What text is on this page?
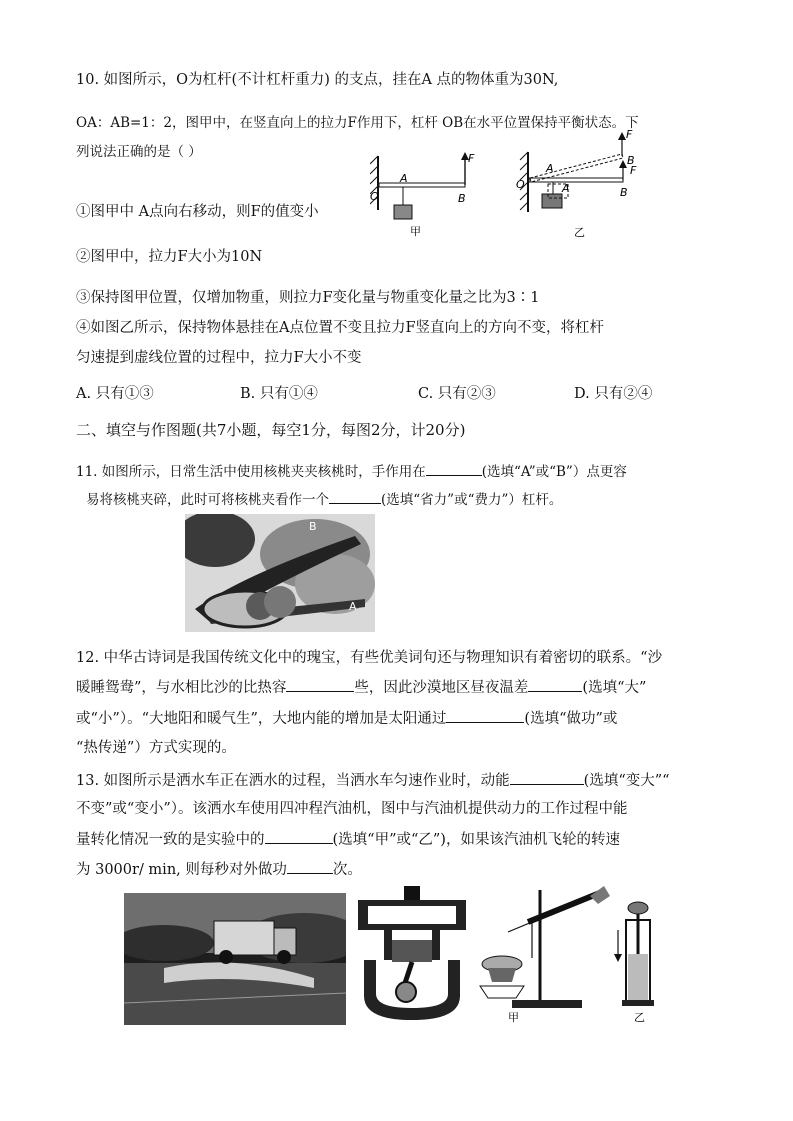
10. 如图所示，O为杠杆(不计杠杆重力) 的支点，挂在A 点的物体重为30N,
OA：AB=1：2，图甲中，在竖直向上的拉力F作用下，杠杆 OB在水平位置保持平衡状态。下
列说法正确的是（ ）	F
A
O	B
甲
F
B
F
A
A
O
B
乙
①图甲中 A点向右移动，则F的值变小
②图甲中，拉力F大小为10N
③保持图甲位置，仅增加物重，则拉力F变化量与物重变化量之比为3∶1
④如图乙所示，保持物体悬挂在A点位置不变且拉力F竖直向上的方向不变，将杠杆
匀速提到虚线位置的过程中，拉力F大小不变
A. 只有①③	B. 只有①④	C. 只有②③	D. 只有②④
二、填空与作图题(共7小题，每空1分，每图2分，计20分)
11. 如图所示，日常生活中使用核桃夹夹核桃时，手作用在	(选填“A”或“B”）点更容
易将核桃夹碎，此时可将核桃夹看作一个	(选填“省力”或“费力”）杠杆。
B
A
12. 中华古诗词是我国传统文化中的瑰宝，有些优美词句还与物理知识有着密切的联系。“沙
暖睡鸳鸯”，与水相比沙的比热容	些，因此沙漠地区昼夜温差	(选填“大”
或“小”）。“大地阳和暖气生”，大地内能的增加是太阳通过	(选填“做功”或
“热传递”）方式实现的。
13. 如图所示是洒水车正在洒水的过程，当洒水车匀速作业时，动能	(选填“变大”“
不变”或“变小”）。该洒水车使用四冲程汽油机，图中与汽油机提供动力的工作过程中能
量转化情况一致的是实验中的	(选填“甲”或“乙”)，如果该汽油机飞轮的转速
为 3000r/ min, 则每秒对外做功	次。
甲	乙
